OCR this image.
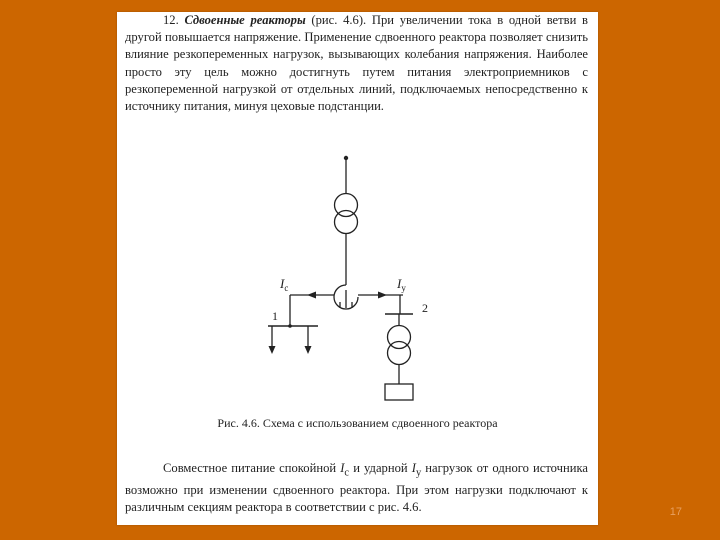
12. Сдвоенные реакторы (рис. 4.6). При увеличении тока в одной ветви в другой повышается напряжение. Применение сдвоенного реактора позволяет снизить влияние резкопеременных нагрузок, вызывающих колебания напряжения. Наиболее просто эту цель можно достигнуть путем питания электроприемников с резкопеременной нагрузкой от отдельных линий, подключаемых непосредственно к источнику питания, минуя цеховые подстанции.

$I_с$	$I_у$
1
2
Рис. 4.6. Схема с использованием сдвоенного реактора

Совместное питание спокойной $I_с$ и ударной $I_у$ нагрузок от одного источника возможно при изменении сдвоенного реактора. При этом нагрузки подключают к различным секциям реактора в соответствии с рис. 4.6.	17
